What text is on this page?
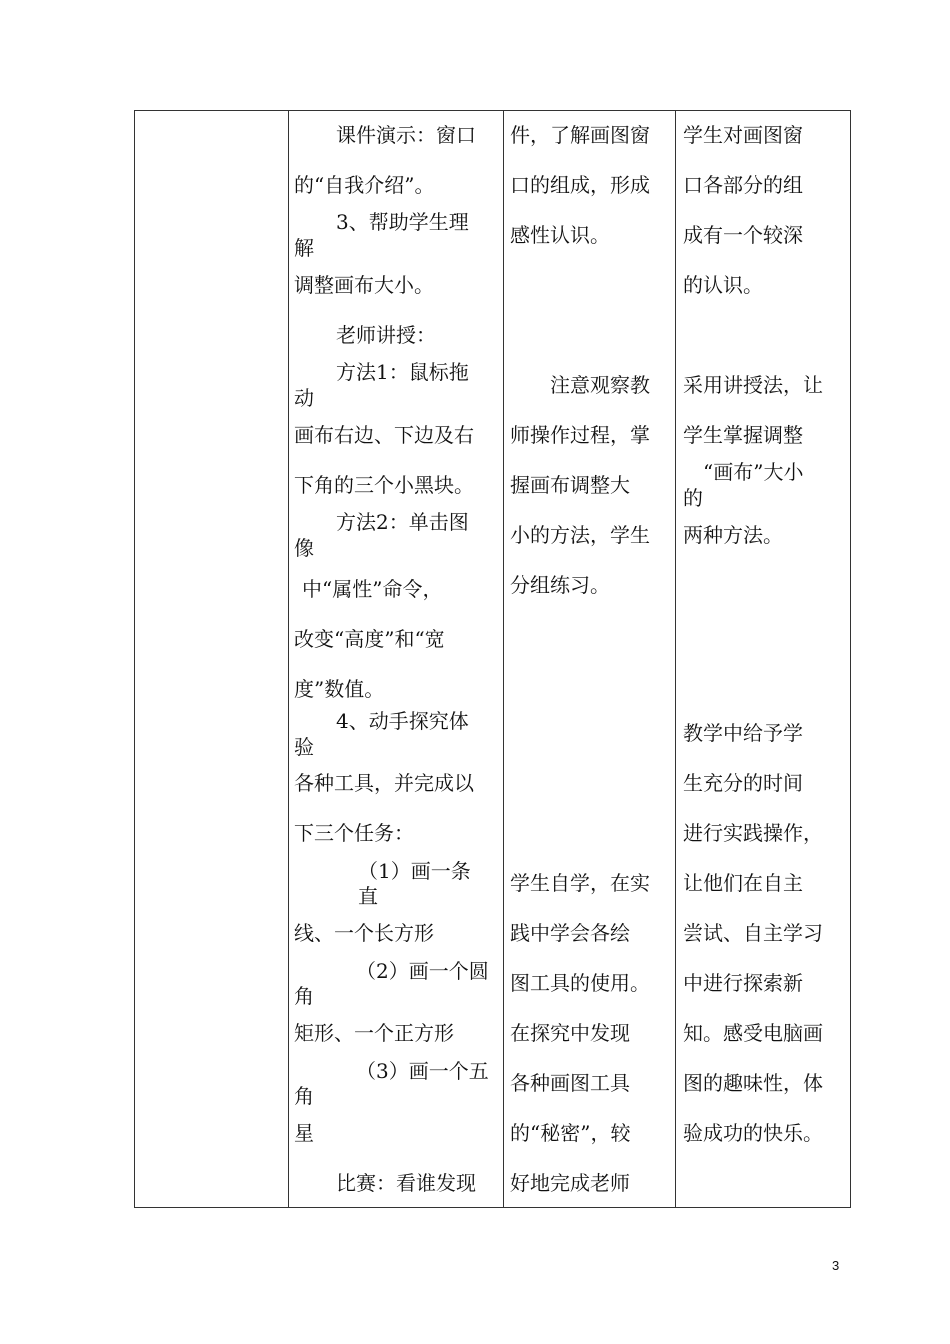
课件演示：窗口
的“自我介绍”。
3、帮助学生理
解
调整画布大小。
老师讲授：
方法1：鼠标拖
动
画布右边、下边及右
下角的三个小黑块。
方法2：单击图
像
中“属性”命令，
改变“高度”和“宽
度”数值。
4、动手探究体
验
各种工具，并完成以
下三个任务：
（1）画一条
直
线、一个长方形
（2）画一个圆
角
矩形、一个正方形
（3）画一个五
角
星
比赛：看谁发现
件，了解画图窗
口的组成，形成
感性认识。
注意观察教
师操作过程，掌
握画布调整大
小的方法，学生
分组练习。
学生自学，在实
践中学会各绘
图工具的使用。
在探究中发现
各种画图工具
的“秘密”，较
好地完成老师
学生对画图窗
口各部分的组
成有一个较深
的认识。
采用讲授法，让
学生掌握调整
“画布”大小
的
两种方法。
教学中给予学
生充分的时间
进行实践操作，
让他们在自主
尝试、自主学习
中进行探索新
知。感受电脑画
图的趣味性，体
验成功的快乐。
3
